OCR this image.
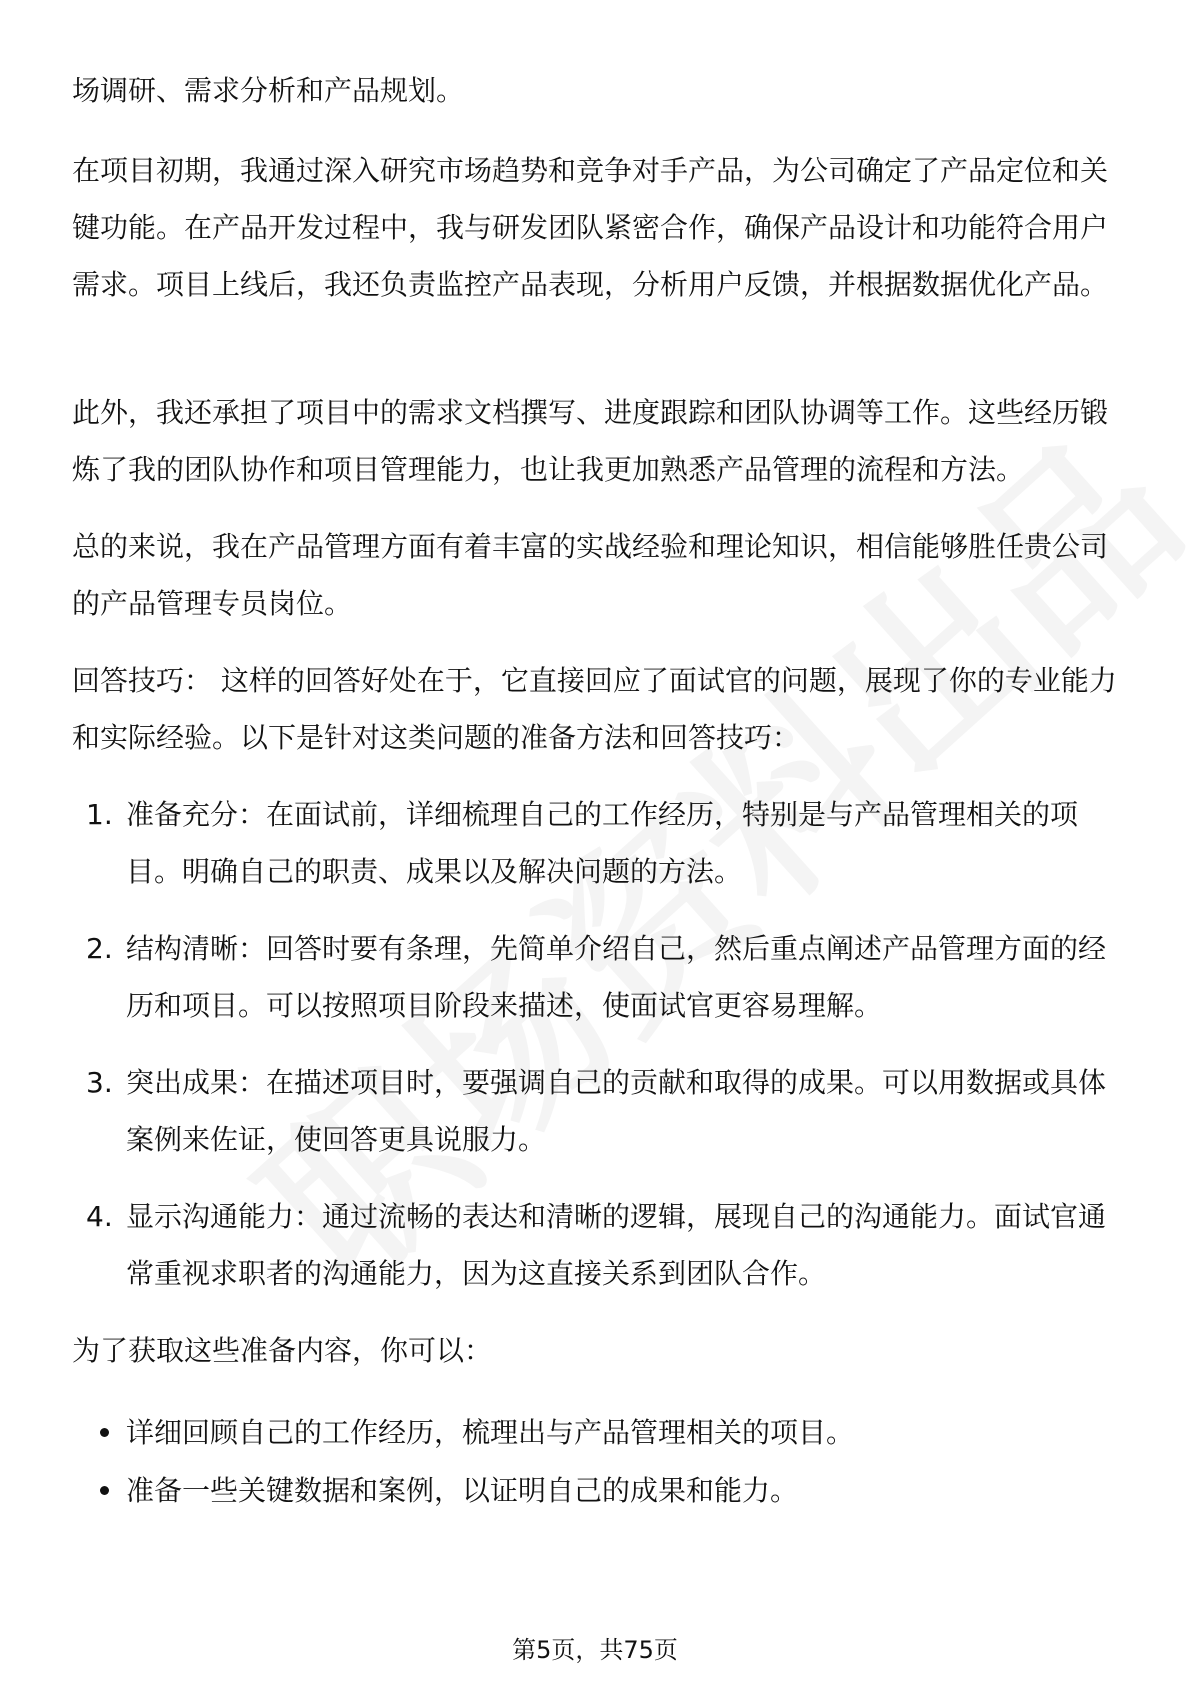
场调研、需求分析和产品规划。

在项目初期，我通过深入研究市场趋势和竞争对手产品，为公司确定了产品定位和关键功能。在产品开发过程中，我与研发团队紧密合作，确保产品设计和功能符合用户需求。项目上线后，我还负责监控产品表现，分析用户反馈，并根据数据优化产品。

此外，我还承担了项目中的需求文档撰写、进度跟踪和团队协调等工作。这些经历锻炼了我的团队协作和项目管理能力，也让我更加熟悉产品管理的流程和方法。

总的来说，我在产品管理方面有着丰富的实战经验和理论知识，相信能够胜任贵公司的产品管理专员岗位。

回答技巧： 这样的回答好处在于，它直接回应了面试官的问题，展现了你的专业能力和实际经验。以下是针对这类问题的准备方法和回答技巧：

1. 准备充分：在面试前，详细梳理自己的工作经历，特别是与产品管理相关的项目。明确自己的职责、成果以及解决问题的方法。
2. 结构清晰：回答时要有条理，先简单介绍自己，然后重点阐述产品管理方面的经历和项目。可以按照项目阶段来描述，使面试官更容易理解。
3. 突出成果：在描述项目时，要强调自己的贡献和取得的成果。可以用数据或具体案例来佐证，使回答更具说服力。
4. 显示沟通能力：通过流畅的表达和清晰的逻辑，展现自己的沟通能力。面试官通常重视求职者的沟通能力，因为这直接关系到团队合作。

为了获取这些准备内容，你可以：

详细回顾自己的工作经历，梳理出与产品管理相关的项目。
准备一些关键数据和案例，以证明自己的成果和能力。
第5页，共75页
